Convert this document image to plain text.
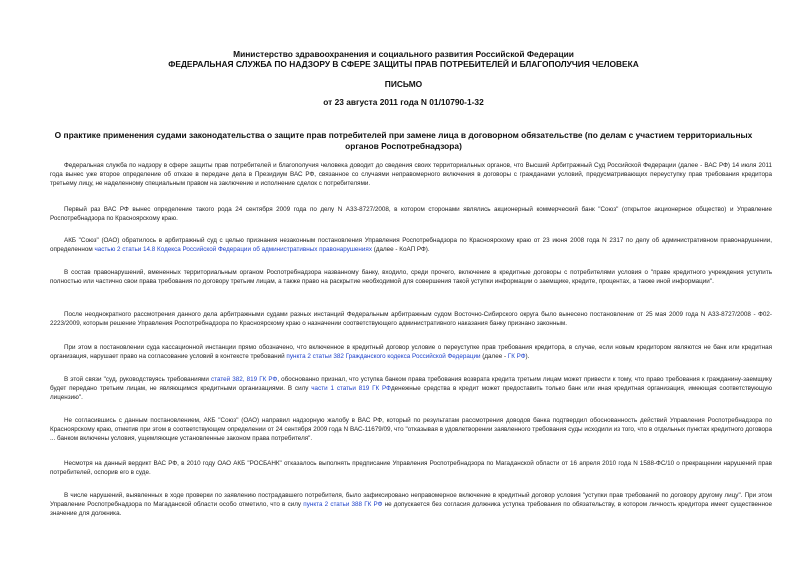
Министерство здравоохранения и социального развития Российской Федерации
ФЕДЕРАЛЬНАЯ СЛУЖБА ПО НАДЗОРУ В СФЕРЕ ЗАЩИТЫ ПРАВ ПОТРЕБИТЕЛЕЙ И БЛАГОПОЛУЧИЯ ЧЕЛОВЕКА
ПИСЬМО
от 23 августа 2011 года N 01/10790-1-32
О практике применения судами законодательства о защите прав потребителей при замене лица в договорном обязательстве (по делам с участием территориальных органов Роспотребнадзора)

Федеральная служба по надзору в сфере защиты прав потребителей и благополучия человека доводит до сведения своих территориальных органов, что Высший Арбитражный Суд Российской Федерации (далее - ВАС РФ) 14 июля 2011 года вынес уже второе определение об отказе в передаче дела в Президиум ВАС РФ, связанное со случаями неправомерного включения в договоры с гражданами условий, предусматривающих переуступку прав требования кредитора третьему лицу, не наделенному специальным правом на заключение и исполнение сделок с потребителями.

Первый раз ВАС РФ вынес определение такого рода 24 сентября 2009 года по делу N А33-8727/2008, в котором сторонами являлись акционерный коммерческий банк "Союз" (открытое акционерное общество) и Управление Роспотребнадзора по Красноярскому краю.

АКБ "Союз" (ОАО) обратилось в арбитражный суд с целью признания незаконным постановления Управления Роспотребнадзора по Красноярскому краю от 23 июня 2008 года N 2317 по делу об административном правонарушении, определенном частью 2 статьи 14.8 Кодекса Российской Федерации об административных правонарушениях (далее - КоАП РФ).

В состав правонарушений, вмененных территориальным органом Роспотребнадзора названному банку, входило, среди прочего, включение в кредитные договоры с потребителями условия о "праве кредитного учреждения уступить полностью или частично свои права требования по договору третьим лицам, а также право на раскрытие необходимой для совершения такой уступки информации о заемщике, кредите, процентах, а также иной информации".

После неоднократного рассмотрения данного дела арбитражными судами разных инстанций Федеральным арбитражным судом Восточно-Сибирского округа было вынесено постановление от 25 мая 2009 года N А33-8727/2008 - Ф02-2223/2009, которым решение Управления Роспотребнадзора по Красноярскому краю о назначении соответствующего административного наказания банку признано законным.

При этом в постановлении суда кассационной инстанции прямо обозначено, что включенное в кредитный договор условие о переуступке прав требования кредитора, в случае, если новым кредитором являются не банк или кредитная организация, нарушает право на согласование условий в контексте требований пункта 2 статьи 382 Гражданского кодекса Российской Федерации (далее - ГК РФ).

В этой связи "суд, руководствуясь требованиями статей 382, 819 ГК РФ, обоснованно признал, что уступка банком права требования возврата кредита третьим лицам может привести к тому, что право требования к гражданину-заемщику будет передано третьим лицам, не являющимся кредитными организациями. В силу части 1 статьи 819 ГК РФденежные средства в кредит может предоставить только банк или иная кредитная организация, имеющая соответствующую лицензию".

Не согласившись с данным постановлением, АКБ "Союз" (ОАО) направил надзорную жалобу в ВАС РФ, который по результатам рассмотрения доводов банка подтвердил обоснованность действий Управления Роспотребнадзора по Красноярскому краю, отметив при этом в соответствующем определении от 24 сентября 2009 года N ВАС-11679/09, что "отказывая в удовлетворении заявленного требования суды исходили из того, что в отдельных пунктах кредитного договора ... банком включены условия, ущемляющие установленные законом права потребителя".

Несмотря на данный вердикт ВАС РФ, в 2010 году ОАО АКБ "РОСБАНК" отказалось выполнять предписание Управления Роспотребнадзора по Магаданской области от 16 апреля 2010 года N 1588-ФС/10 о прекращении нарушений прав потребителей, оспорив его в суде.

В числе нарушений, выявленных в ходе проверки по заявлению пострадавшего потребителя, было зафиксировано неправомерное включение в кредитный договор условия "уступки прав требований по договору другому лицу". При этом Управление Роспотребнадзора по Магаданской области особо отметило, что в силу пункта 2 статьи 388 ГК РФ не допускается без согласия должника уступка требования по обязательству, в котором личность кредитора имеет существенное значение для должника.
